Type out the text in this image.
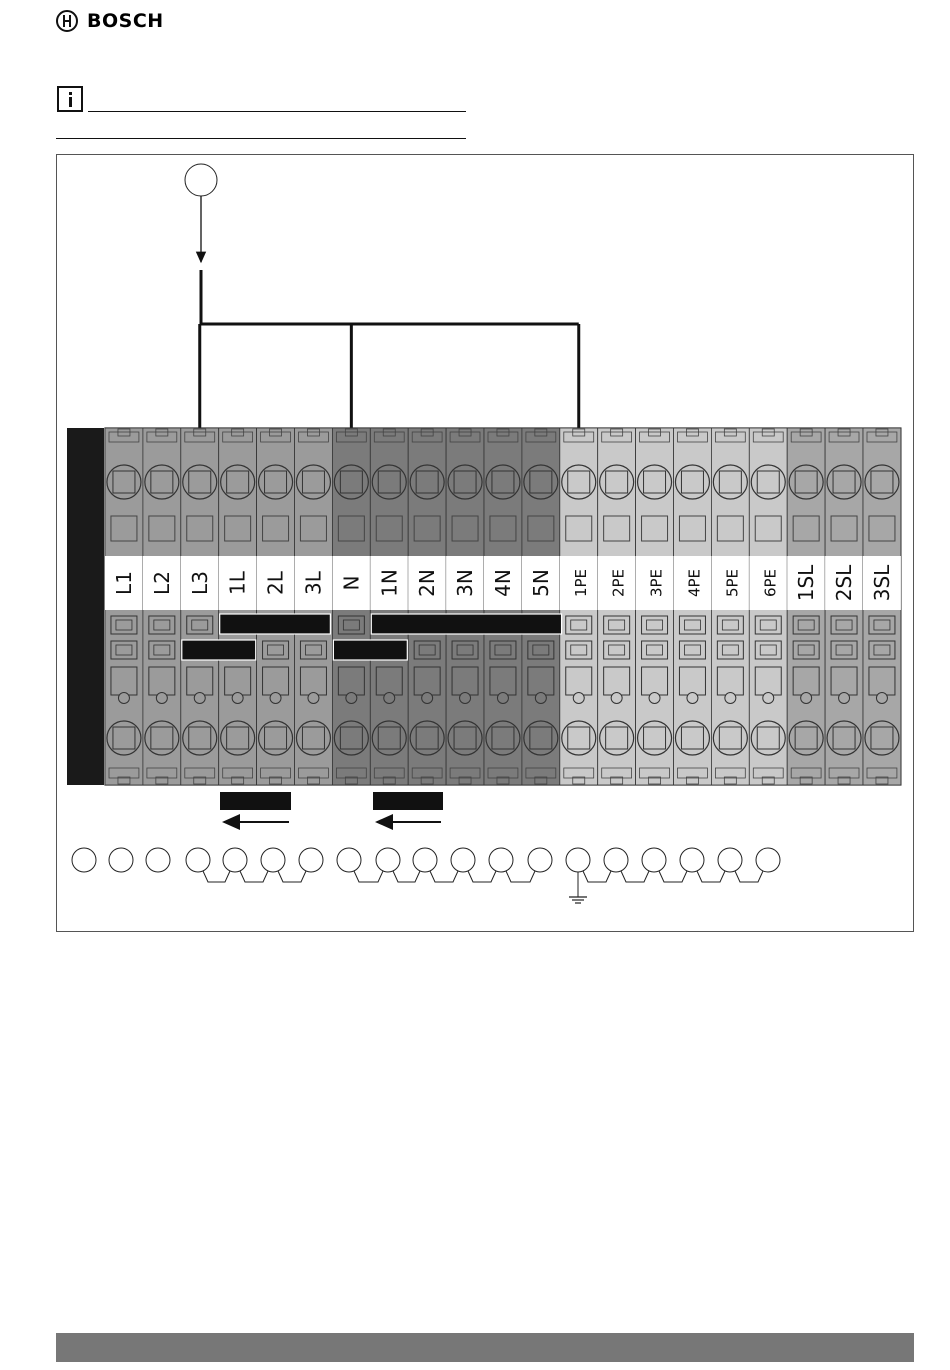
BOSCH
L1 L2 L3 1L 2L 3L N 1N 2N 3N 4N 5N 1PE 2PE 3PE 4PE 5PE 6PE 1SL 2SL 3SL
